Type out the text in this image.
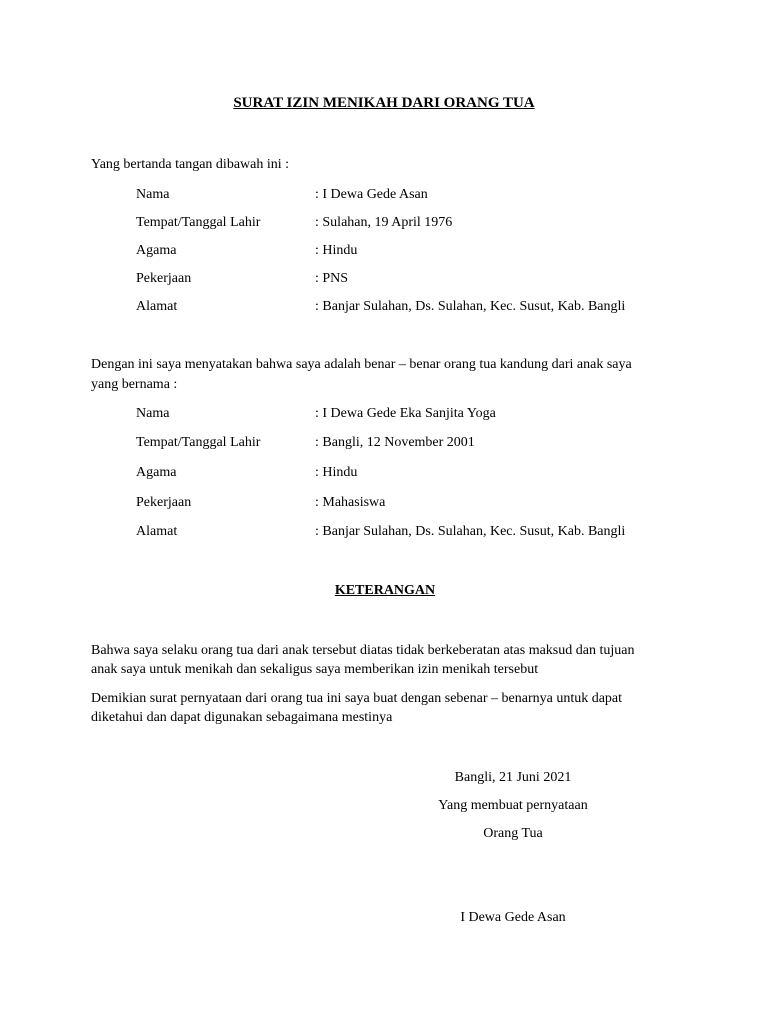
SURAT IZIN MENIKAH DARI ORANG TUA
Yang bertanda tangan dibawah ini :
Nama	: I Dewa Gede Asan
Tempat/Tanggal Lahir	: Sulahan, 19 April 1976
Agama	: Hindu
Pekerjaan	: PNS
Alamat	: Banjar Sulahan, Ds. Sulahan, Kec. Susut, Kab. Bangli
Dengan ini saya menyatakan bahwa saya adalah benar – benar orang tua kandung dari anak saya
yang bernama :
Nama	: I Dewa Gede Eka Sanjita Yoga
Tempat/Tanggal Lahir	: Bangli, 12 November 2001
Agama	: Hindu
Pekerjaan	: Mahasiswa
Alamat	: Banjar Sulahan, Ds. Sulahan, Kec. Susut, Kab. Bangli
KETERANGAN
Bahwa saya selaku orang tua dari anak tersebut diatas tidak berkeberatan atas maksud dan tujuan
anak saya untuk menikah dan sekaligus saya memberikan izin menikah tersebut
Demikian surat pernyataan dari orang tua ini saya buat dengan sebenar – benarnya untuk dapat
diketahui dan dapat digunakan sebagaimana mestinya
Bangli, 21 Juni 2021
Yang membuat pernyataan
Orang Tua
I Dewa Gede Asan
